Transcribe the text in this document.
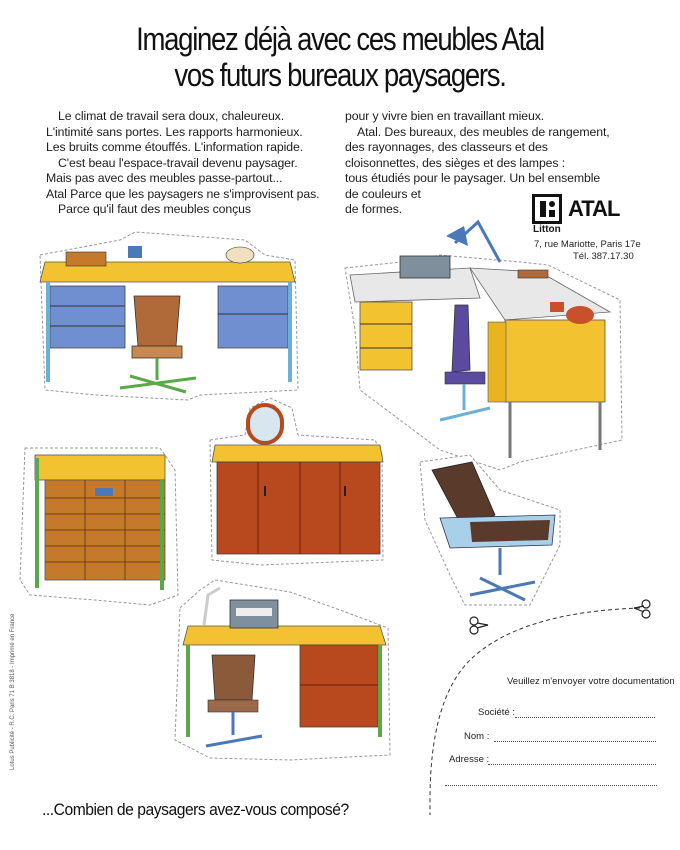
Imaginez déjà avec ces meubles Atal
vos futurs bureaux paysagers.
Le climat de travail sera doux, chaleureux.
L'intimité sans portes. Les rapports harmonieux.
Les bruits comme étouffés. L'information rapide.
C'est beau l'espace-travail devenu paysager.
Mais pas avec des meubles passe-partout...
Atal Parce que les paysagers ne s'improvisent pas.
Parce qu'il faut des meubles conçus
pour y vivre bien en travaillant mieux.
Atal. Des bureaux, des meubles de rangement,
des rayonnages, des classeurs et des
cloisonnettes, des sièges et des lampes :
tous étudiés pour le paysager. Un bel ensemble
de couleurs et
de formes.	ATAL
Litton
7, rue Mariotte, Paris 17e
Tél. 387.17.30
Veuillez m'envoyer votre documentation
Société :
Nom :
Adresse :
Lotus Publicité - R.C. Paris 71 B 3818 - Imprimé en France
...Combien de paysagers avez-vous composé?
